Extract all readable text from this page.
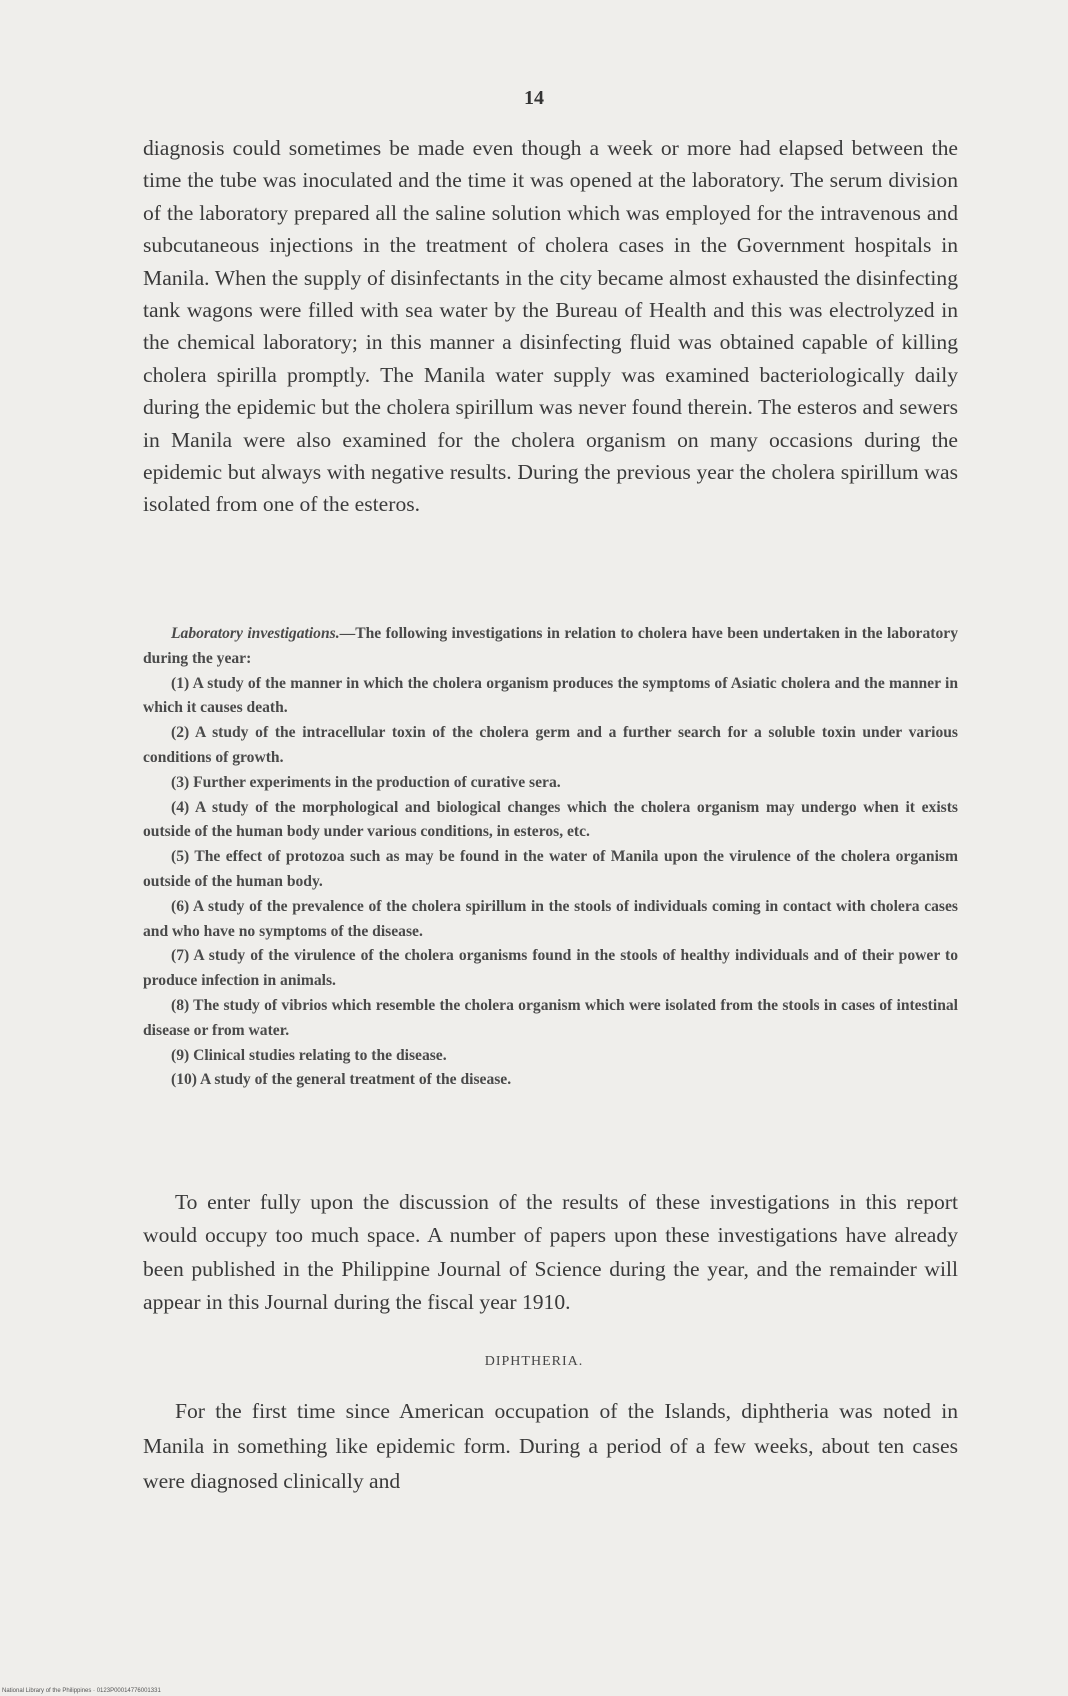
14

diagnosis could sometimes be made even though a week or more had elapsed between the time the tube was inoculated and the time it was opened at the laboratory. The serum division of the laboratory prepared all the saline solution which was employed for the intravenous and subcutaneous injections in the treatment of cholera cases in the Government hospitals in Manila. When the supply of disinfectants in the city became almost exhausted the disinfecting tank wagons were filled with sea water by the Bureau of Health and this was electrolyzed in the chemical laboratory; in this manner a disinfecting fluid was obtained capable of killing cholera spirilla promptly. The Manila water supply was examined bacteriologically daily during the epidemic but the cholera spirillum was never found therein. The esteros and sewers in Manila were also examined for the cholera organism on many occasions during the epidemic but always with negative results. During the previous year the cholera spirillum was isolated from one of the esteros.

Laboratory investigations.—The following investigations in relation to cholera have been undertaken in the laboratory during the year:

(1) A study of the manner in which the cholera organism produces the symptoms of Asiatic cholera and the manner in which it causes death.

(2) A study of the intracellular toxin of the cholera germ and a further search for a soluble toxin under various conditions of growth.

(3) Further experiments in the production of curative sera.

(4) A study of the morphological and biological changes which the cholera organism may undergo when it exists outside of the human body under various conditions, in esteros, etc.

(5) The effect of protozoa such as may be found in the water of Manila upon the virulence of the cholera organism outside of the human body.

(6) A study of the prevalence of the cholera spirillum in the stools of individuals coming in contact with cholera cases and who have no symptoms of the disease.

(7) A study of the virulence of the cholera organisms found in the stools of healthy individuals and of their power to produce infection in animals.

(8) The study of vibrios which resemble the cholera organism which were isolated from the stools in cases of intestinal disease or from water.

(9) Clinical studies relating to the disease.

(10) A study of the general treatment of the disease.

To enter fully upon the discussion of the results of these investigations in this report would occupy too much space. A number of papers upon these investigations have already been published in the Philippine Journal of Science during the year, and the remainder will appear in this Journal during the fiscal year 1910.

DIPHTHERIA.

For the first time since American occupation of the Islands, diphtheria was noted in Manila in something like epidemic form. During a period of a few weeks, about ten cases were diagnosed clinically and

National Library of the Philippines · 0123P00014776001331
